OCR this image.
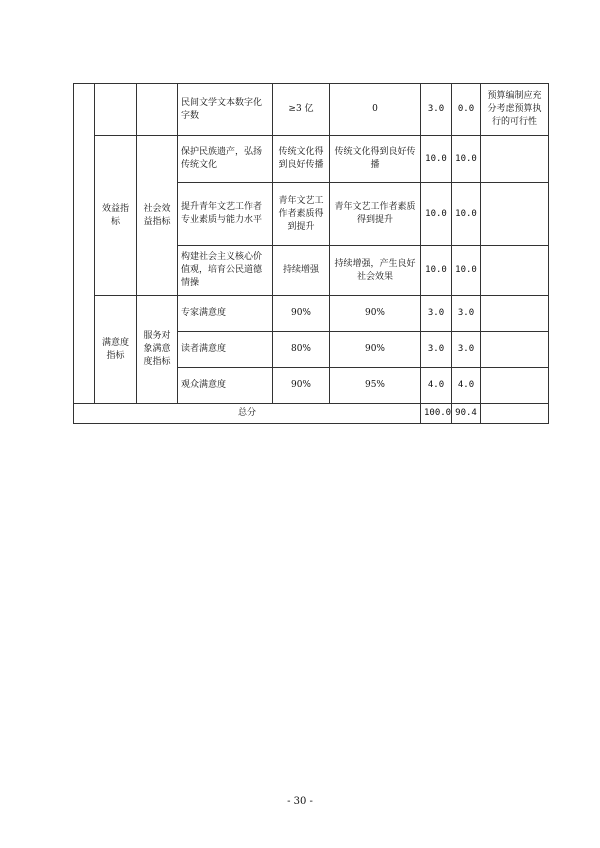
			民间文学文本数字化字数	≥3 亿	0	3.0	0.0	预算编制应充分考虑预算执行的可行性
	效益指标	社会效益指标	保护民族遗产，弘扬传统文化	传统文化得到良好传播	传统文化得到良好传播	10.0	10.0	
			提升青年文艺工作者专业素质与能力水平	青年文艺工作者素质得到提升	青年文艺工作者素质得到提升	10.0	10.0	
			构建社会主义核心价值观，培育公民道德情操	持续增强	持续增强，产生良好社会效果	10.0	10.0	
	满意度指标	服务对象满意度指标	专家满意度	90%	90%	3.0	3.0	
			读者满意度	80%	90%	3.0	3.0	
			观众满意度	90%	95%	4.0	4.0	
总分						100.0	90.4	
- 30 -
